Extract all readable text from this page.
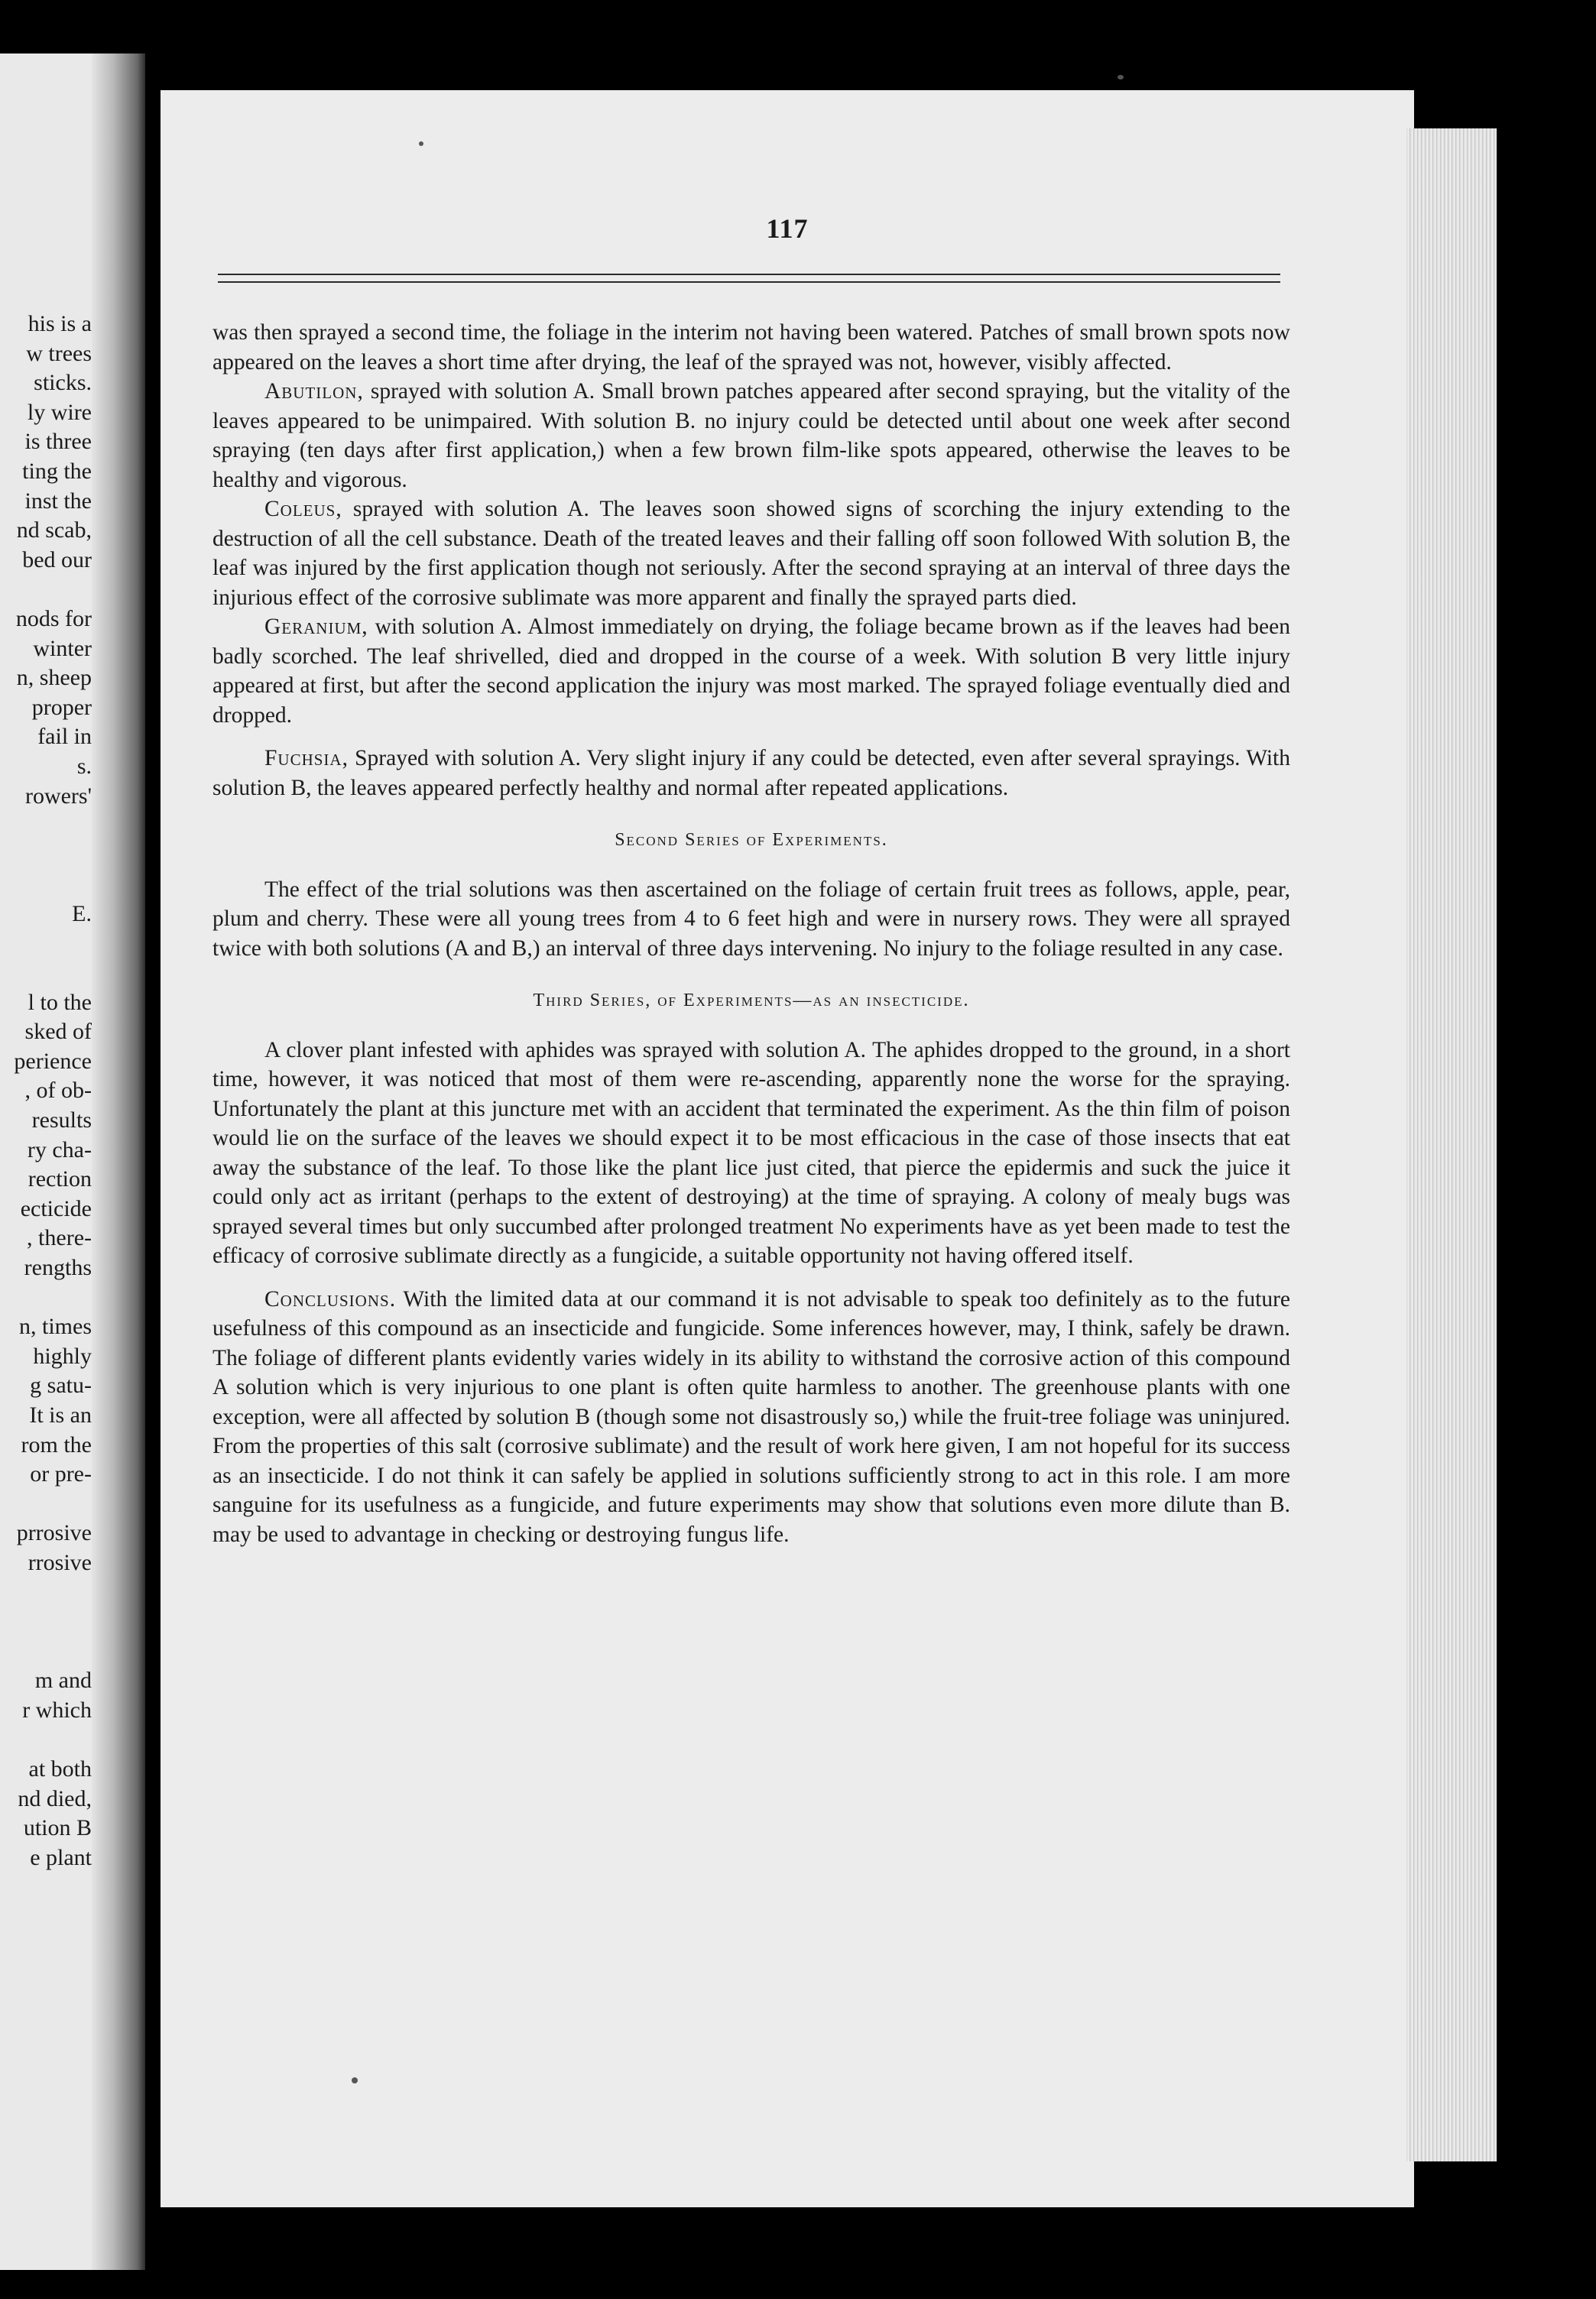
his is a
w trees
sticks.
ly wire
is three
ting the
inst the
nd scab,
bed our

nods for
winter
n, sheep
proper
fail in
s.
rowers'

E.

l to the
sked of
perience
, of ob-
results
ry cha-
rection
ecticide
, there-
rengths

n, times
highly
g satu-
It is an
rom the
or pre-

prrosive
rrosive

m and
r which

at both
nd died,
ution B
e plant
117

was then sprayed a second time, the foliage in the interim not having been watered. Patches of small brown spots now appeared on the leaves a short time after drying, the leaf of the sprayed was not, however, visibly affected.

Abutilon, sprayed with solution A. Small brown patches appeared after second spraying, but the vitality of the leaves appeared to be unimpaired. With solution B. no injury could be detected until about one week after second spraying (ten days after first application,) when a few brown film-like spots appeared, otherwise the leaves to be healthy and vigorous.

Coleus, sprayed with solution A. The leaves soon showed signs of scorching the injury extending to the destruction of all the cell substance. Death of the treated leaves and their falling off soon followed With solution B, the leaf was injured by the first application though not seriously. After the second spraying at an interval of three days the injurious effect of the corrosive sublimate was more apparent and finally the sprayed parts died.

Geranium, with solution A. Almost immediately on drying, the foliage became brown as if the leaves had been badly scorched. The leaf shrivelled, died and dropped in the course of a week. With solution B very little injury appeared at first, but after the second application the injury was most marked. The sprayed foliage eventually died and dropped.

Fuchsia, Sprayed with solution A. Very slight injury if any could be detected, even after several sprayings. With solution B, the leaves appeared perfectly healthy and normal after repeated applications.

Second Series of Experiments.

The effect of the trial solutions was then ascertained on the foliage of certain fruit trees as follows, apple, pear, plum and cherry. These were all young trees from 4 to 6 feet high and were in nursery rows. They were all sprayed twice with both solutions (A and B,) an interval of three days intervening. No injury to the foliage resulted in any case.

Third Series, of Experiments—as an insecticide.

A clover plant infested with aphides was sprayed with solution A. The aphides dropped to the ground, in a short time, however, it was noticed that most of them were re-ascending, apparently none the worse for the spraying. Unfortunately the plant at this juncture met with an accident that terminated the experiment. As the thin film of poison would lie on the surface of the leaves we should expect it to be most efficacious in the case of those insects that eat away the substance of the leaf. To those like the plant lice just cited, that pierce the epidermis and suck the juice it could only act as irritant (perhaps to the extent of destroying) at the time of spraying. A colony of mealy bugs was sprayed several times but only succumbed after prolonged treatment No experiments have as yet been made to test the efficacy of corrosive sublimate directly as a fungicide, a suitable opportunity not having offered itself.

Conclusions. With the limited data at our command it is not advisable to speak too definitely as to the future usefulness of this compound as an insecticide and fungicide. Some inferences however, may, I think, safely be drawn. The foliage of different plants evidently varies widely in its ability to withstand the corrosive action of this compound A solution which is very injurious to one plant is often quite harmless to another. The greenhouse plants with one exception, were all affected by solution B (though some not disastrously so,) while the fruit-tree foliage was uninjured. From the properties of this salt (corrosive sublimate) and the result of work here given, I am not hopeful for its success as an insecticide. I do not think it can safely be applied in solutions sufficiently strong to act in this role. I am more sanguine for its usefulness as a fungicide, and future experiments may show that solutions even more dilute than B. may be used to advantage in checking or destroying fungus life.
